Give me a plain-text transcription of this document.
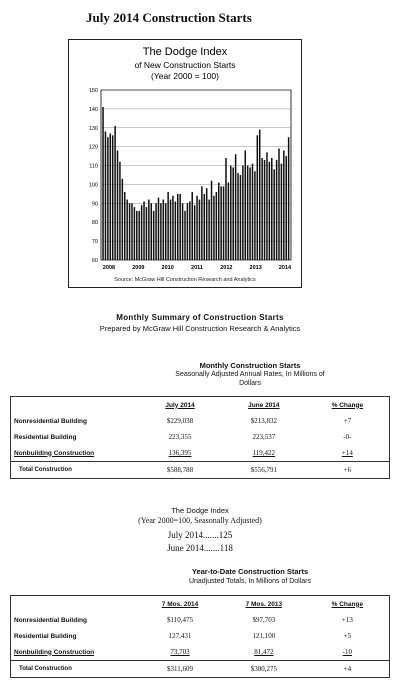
July 2014 Construction Starts
The Dodge Index
of New Construction Starts
(Year 2000 = 100)
60
70
80
90
100
110
120
130
140
150
2008	2009	2010	2011	2012	2013	2014
Source: McGraw Hill Construction Research and Analytics
Monthly Summary of Construction Starts
Prepared by McGraw Hill Construction Research & Analytics
Monthly Construction Starts
Seasonally Adjusted Annual Rates, In Millions of
Dollars
	July 2014	June 2014	% Change
Nonresidential Building	$229,038	$213,832	+7
Residential Building	223,355	223,537	-0-
Nonbuilding Construction	136,395	119,422	+14
Total Construction	$588,788	$556,791	+6
The Dodge Index
(Year 2000=100, Seasonally Adjusted)
July 2014.......125
June 2014.......118
Year-to-Date Construction Starts
Unadjusted Totals, In Millions of Dollars
	7 Mos. 2014	7 Mos. 2013	% Change
Nonresidential Building	$110,475	$97,703	+13
Residential Building	127,431	121,100	+5
Nonbuilding Construction	73,703	81,472	-10
Total Construction	$311,609	$300,275	+4
